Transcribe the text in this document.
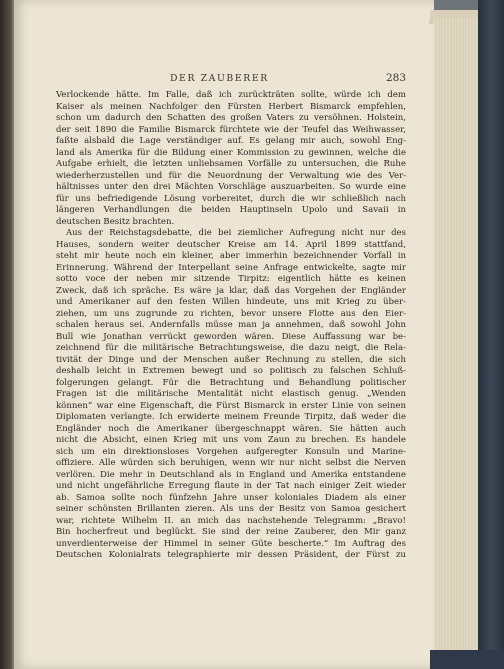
DER ZAUBERER	283
Verlockende hätte. Im Falle, daß ich zurückträten sollte, würde ich dem
Kaiser als meinen Nachfolger den Fürsten Herbert Bismarck empfehlen,
schon um dadurch den Schatten des großen Vaters zu versöhnen. Holstein,
der seit 1890 die Familie Bismarck fürchtete wie der Teufel das Weihwasser,
faßte alsbald die Lage verständiger auf. Es gelang mir auch, sowohl Eng-
land als Amerika für die Bildung einer Kommission zu gewinnen, welche die
Aufgabe erhielt, die letzten unliebsamen Vorfälle zu untersuchen, die Ruhe
wiederherzustellen und für die Neuordnung der Verwaltung wie des Ver-
hältnisses unter den drei Mächten Vorschläge auszuarbeiten. So wurde eine
für uns befriedigende Lösung vorbereitet, durch die wir schließlich nach
längeren Verhandlungen die beiden Hauptinseln Upolo und Savaii in
deutschen Besitz brachten.
Aus der Reichstagsdebatte, die bei ziemlicher Aufregung nicht nur des
Hauses, sondern weiter deutscher Kreise am 14. April 1899 stattfand,
steht mir heute noch ein kleiner, aber immerhin bezeichnender Vorfall in
Erinnerung. Während der Interpellant seine Anfrage entwickelte, sagte mir
sotto voce der neben mir sitzende Tirpitz: eigentlich hätte es keinen
Zweck, daß ich spräche. Es wäre ja klar, daß das Vorgehen der Engländer
und Amerikaner auf den festen Willen hindeute, uns mit Krieg zu über-
ziehen, um uns zugrunde zu richten, bevor unsere Flotte aus den Eier-
schalen heraus sei. Andernfalls müsse man ja annehmen, daß sowohl John
Bull wie Jonathan verrückt geworden wären. Diese Auffassung war be-
zeichnend für die militärische Betrachtungsweise, die dazu neigt, die Rela-
tivität der Dinge und der Menschen außer Rechnung zu stellen, die sich
deshalb leicht in Extremen bewegt und so politisch zu falschen Schluß-
folgerungen gelangt. Für die Betrachtung und Behandlung politischer
Fragen ist die militärische Mentalität nicht elastisch genug. „Wenden
können“ war eine Eigenschaft, die Fürst Bismarck in erster Linie von seinen
Diplomaten verlangte. Ich erwiderte meinem Freunde Tirpitz, daß weder die
Engländer noch die Amerikaner übergeschnappt wären. Sie hätten auch
nicht die Absicht, einen Krieg mit uns vom Zaun zu brechen. Es handele
sich um ein direktionsloses Vorgehen aufgeregter Konsuln und Marine-
offiziere. Alle würden sich beruhigen, wenn wir nur nicht selbst die Nerven
verlören. Die mehr in Deutschland als in England und Amerika entstandene
und nicht ungefährliche Erregung flaute in der Tat nach einiger Zeit wieder
ab. Samoa sollte noch fünfzehn Jahre unser koloniales Diadem als einer
seiner schönsten Brillanten zieren. Als uns der Besitz von Samoa gesichert
war, richtete Wilhelm II. an mich das nachstehende Telegramm: „Bravo!
Bin hocherfreut und beglückt. Sie sind der reine Zauberer, den Mir ganz
unverdienterweise der Himmel in seiner Güte bescherte.“ Im Auftrag des
Deutschen Kolonialrats telegraphierte mir dessen Präsident, der Fürst zu
